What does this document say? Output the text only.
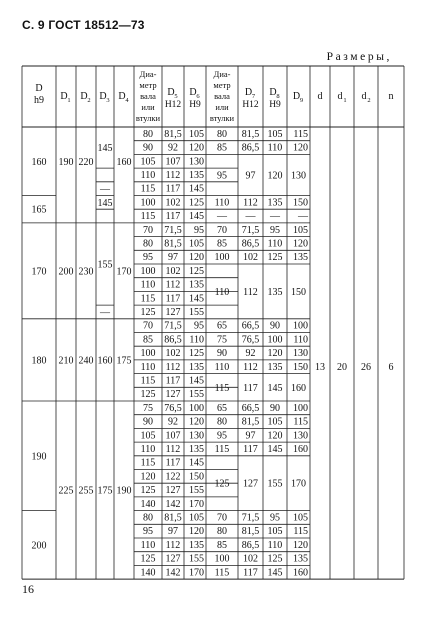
С. 9 ГОСТ 18512—73
Размеры,
D
h9 D 1 D 2 D 3 D 4
Диа-
метр
вала
или
втулки
D 5
H12
D 6
H9
Диа-
метр
вала
или
втулки
D 7
H12
D 8
H9
D 9 d d 1 d 2 n
80 81,5 105 80 81,5 105 115
90 92 120 85 86,5 110 120
105 107 130
110 112 135
115 117 145
100 102 125 110 112 135 150
115 117 145 — — — —
70 71,5 95 70 71,5 95 105
80 81,5 105 85 86,5 110 120
95 97 120 100 102 125 135
100 102 125
110 112 135
115 117 145
125 127 155
70 71,5 95 65 66,5 90 100
85 86,5 110 75 76,5 100 110
100 102 125 90 92 120 130
110 112 135 110 112 135 150
115 117 145
125 127 155
75 76,5 100 65 66,5 90 100
90 92 120 80 81,5 105 115
105 107 130 95 97 120 130
110 112 135 115 117 145 160
115 117 145
120 122 150
125 127 155
140 142 170
80 81,5 105 70 71,5 95 105
95 97 120 80 81,5 105 115
110 112 135 85 86,5 110 120
125 127 155 100 102 125 135
140 142 170 115 117 145 160
95 97 120 130
110 112 135 150
115 117 145 160
125 127 155 170
160 190 220 160
165
170 200 230 170
180 210 240 175
190
200
145
—
145
155
—
160
225 255 175 190
13 20 26 6
16
